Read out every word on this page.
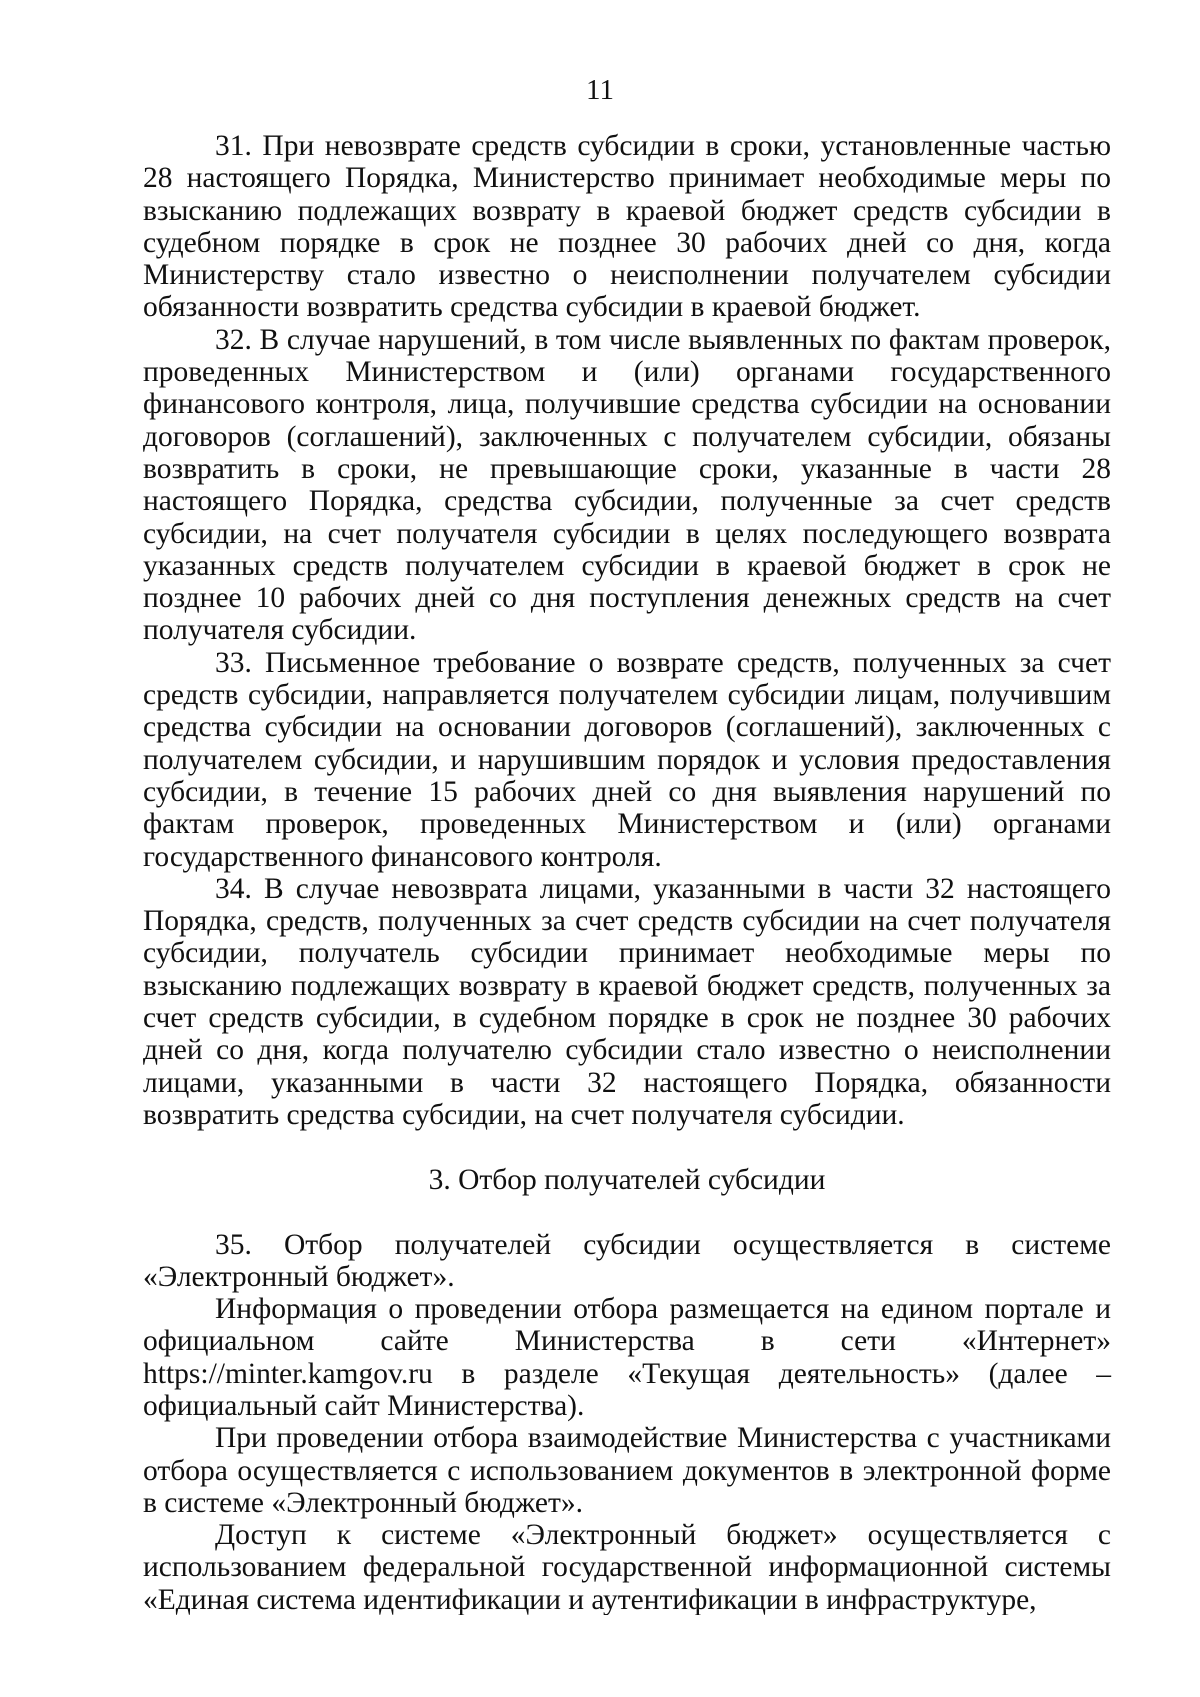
11

31. При невозврате средств субсидии в сроки, установленные частью 28 настоящего Порядка, Министерство принимает необходимые меры по взысканию подлежащих возврату в краевой бюджет средств субсидии в судебном порядке в срок не позднее 30 рабочих дней со дня, когда Министерству стало известно о неисполнении получателем субсидии обязанности возвратить средства субсидии в краевой бюджет.

32. В случае нарушений, в том числе выявленных по фактам проверок, проведенных Министерством и (или) органами государственного финансового контроля, лица, получившие средства субсидии на основании договоров (соглашений), заключенных с получателем субсидии, обязаны возвратить в сроки, не превышающие сроки, указанные в части 28 настоящего Порядка, средства субсидии, полученные за счет средств субсидии, на счет получателя субсидии в целях последующего возврата указанных средств получателем субсидии в краевой бюджет в срок не позднее 10 рабочих дней со дня поступления денежных средств на счет получателя субсидии.

33. Письменное требование о возврате средств, полученных за счет средств субсидии, направляется получателем субсидии лицам, получившим средства субсидии на основании договоров (соглашений), заключенных с получателем субсидии, и нарушившим порядок и условия предоставления субсидии, в течение 15 рабочих дней со дня выявления нарушений по фактам проверок, проведенных Министерством и (или) органами государственного финансового контроля.

34. В случае невозврата лицами, указанными в части 32 настоящего Порядка, средств, полученных за счет средств субсидии на счет получателя субсидии, получатель субсидии принимает необходимые меры по взысканию подлежащих возврату в краевой бюджет средств, полученных за счет средств субсидии, в судебном порядке в срок не позднее 30 рабочих дней со дня, когда получателю субсидии стало известно о неисполнении лицами, указанными в части 32 настоящего Порядка, обязанности возвратить средства субсидии, на счет получателя субсидии.

3. Отбор получателей субсидии

35. Отбор получателей субсидии осуществляется в системе «Электронный бюджет».

Информация о проведении отбора размещается на едином портале и официальном сайте Министерства в сети «Интернет» https://minter.kamgov.ru в разделе «Текущая деятельность» (далее – официальный сайт Министерства).

При проведении отбора взаимодействие Министерства с участниками отбора осуществляется с использованием документов в электронной форме в системе «Электронный бюджет».

Доступ к системе «Электронный бюджет» осуществляется с использованием федеральной государственной информационной системы «Единая система идентификации и аутентификации в инфраструктуре,
